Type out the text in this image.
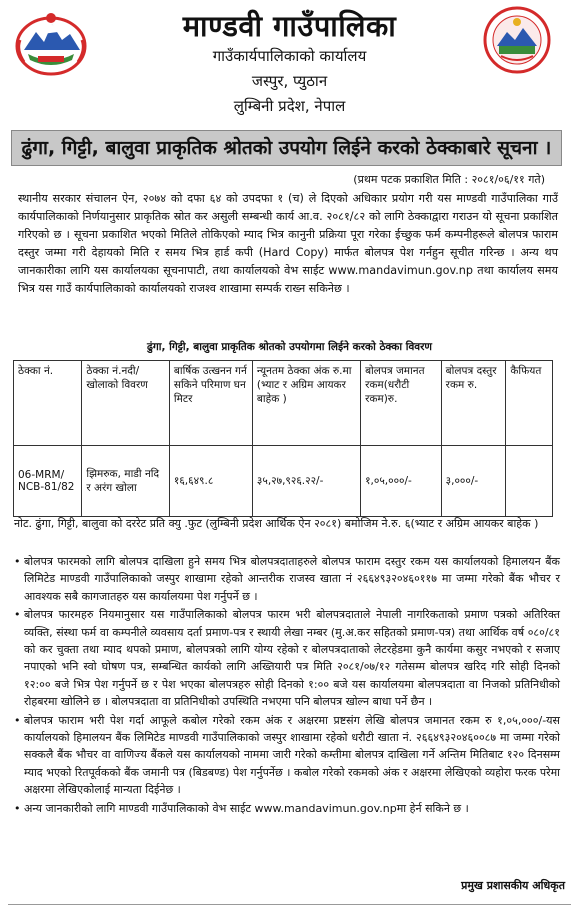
माण्डवी गाउँपालिका
गाउँकार्यपालिकाको कार्यालय
जस्पुर, प्युठान
लुम्बिनी प्रदेश, नेपाल
ढुंगा, गिट्टी, बालुवा प्राकृतिक श्रोतको उपयोग लिईने करको ठेक्काबारे सूचना ।
(प्रथम पटक प्रकाशित मिति : २०८१/०६/११ गते)
स्थानीय सरकार संचालन ऐन, २०७४ को दफा ६४ को उपदफा १ (च) ले दिएको अधिकार प्रयोग गरी यस माण्डवी गाउँपालिका गाउँ कार्यपालिकाको निर्णयानुसार प्राकृतिक स्रोत कर असुली सम्बन्धी कार्य आ.व. २०८१/८२ को लागि ठेक्काद्वारा गराउन यो सूचना प्रकाशित गरिएको छ । सूचना प्रकाशित भएको मितिले तोकिएको म्याद भित्र कानुनी प्रक्रिया पूरा गरेका ईच्छुक फर्म कम्पनीहरूले बोलपत्र फाराम दस्तुर जम्मा गरी देहायको मिति र समय भित्र हार्ड कपी (Hard Copy) मार्फत बोलपत्र पेश गर्नहुन सूचीत गरिन्छ । अन्य थप जानकारीका लागि यस कार्यालयका सूचनापाटी, तथा कार्यालयको वेभ साईट www.mandavimun.gov.np तथा कार्यालय समय भित्र यस गाउँ कार्यपालिकाको कार्यालयको राजश्व शाखामा सम्पर्क राख्न सकिनेछ ।
ढुंगा, गिट्टी, बालुवा प्राकृतिक श्रोतको उपयोगमा लिईने करको ठेक्का विवरण
ठेक्का नं.	ठेक्का नं.नदी/ खोलाको विवरण	बार्षिक उत्खनन गर्न सकिने परिमाण घन मिटर	न्यूनतम ठेक्का अंक रु.मा (भ्याट र अग्रिम आयकर बाहेक )	बोलपत्र जमानत रकम(धरौटी रकम)रु.	बोलपत्र दस्तुर रकम रु.	कैफियत
06-MRM/ NCB-81/82	झिमरुक, माडी नदि र अरंग खोला	१६,६४९.८	३५,२७,९२६.२२/-	१,०५,०००/-	३,०००/-	
नोट. ढुंगा, गिट्टी, बालुवा को दररेट प्रति क्यु .फुट (लुम्बिनी प्रदेश आर्थिक ऐन २०८१) बमोजिम ने.रु. ६(भ्याट र अग्रिम आयकर बाहेक )
• बोलपत्र फारमको लागि बोलपत्र दाखिला हुने समय भित्र बोलपत्रदाताहरुले बोलपत्र फाराम दस्तुर रकम यस कार्यालयको हिमालयन बैंक लिमिटेड माण्डवी गाउँपालिकाको जस्पुर शाखामा रहेको आन्तरीक राजस्व खाता नं २६६४९३२०४६०११७ मा जम्मा गरेको बैंक भौचर र आवश्यक सबै कागजातहरु यस कार्यालयमा पेश गर्नुपर्ने छ ।
• बोलपत्र फारमहरु नियमानुसार यस गाउँपालिकाको बोलपत्र फारम भरी बोलपत्रदाताले नेपाली नागरिकताको प्रमाण पत्रको अतिरिक्त व्यक्ति, संस्था फर्म वा कम्पनीले व्यवसाय दर्ता प्रमाण-पत्र र स्थायी लेखा नम्बर (मु.अ.कर सहितको प्रमाण-पत्र) तथा आर्थिक वर्ष ०८०/८१ को कर चुक्ता तथा म्याद थपको प्रमाण, बोलपत्रको लागि योग्य रहेको र बोलपत्रदाताको लेटरहेडमा कुनै कार्यमा कसुर नभएको र सजाए नपाएको भनि स्वो घोषण पत्र, सम्बन्धित कार्यको लागि अख्तियारी पत्र मिति २०८१/०७/१२ गतेसम्म बोलपत्र खरिद गरि सोही दिनको १२:०० बजे भित्र पेश गर्नुपर्ने छ र पेश भएका बोलपत्रहरु सोही दिनको १:०० बजे यस कार्यालयमा बोलपत्रदाता वा निजको प्रतिनिधीको रोहबरमा खोलिने छ । बोलपत्रदाता वा प्रतिनिधीको उपस्थिति नभएमा पनि बोलपत्र खोल्न बाधा पर्ने छैन ।
• बोलपत्र फाराम भरी पेश गर्दा आफूले कबोल गरेको रकम अंक र अक्षरमा प्रष्टसंग लेखि बोलपत्र जमानत रकम रु १,०५,०००/-यस कार्यालयको हिमालयन बैंक लिमिटेड माण्डवी गाउँपालिकाको जस्पुर शाखामा रहेको धरौटी खाता नं. २६६४९३२०४६००८७ मा जम्मा गरेको सक्कलै बैंक भौचर वा वाणिज्य बैंकले यस कार्यालयको नाममा जारी गरेको कम्तीमा बोलपत्र दाखिला गर्ने अन्तिम मितिबाट १२० दिनसम्म म्याद भएको रितपूर्वकको बैंक जमानी पत्र (बिडबण्ड) पेश गर्नुपर्नेछ । कबोल गरेको रकमको अंक र अक्षरमा लेखिएको व्यहोरा फरक परेमा अक्षरमा लेखिएकोलाई मान्यता दिईनेछ ।
• अन्य जानकारीको लागि माण्डवी गाउँपालिकाको वेभ साईट www.mandavimun.gov.npमा हेर्न सकिने छ ।
प्रमुख प्रशासकीय अधिकृत
